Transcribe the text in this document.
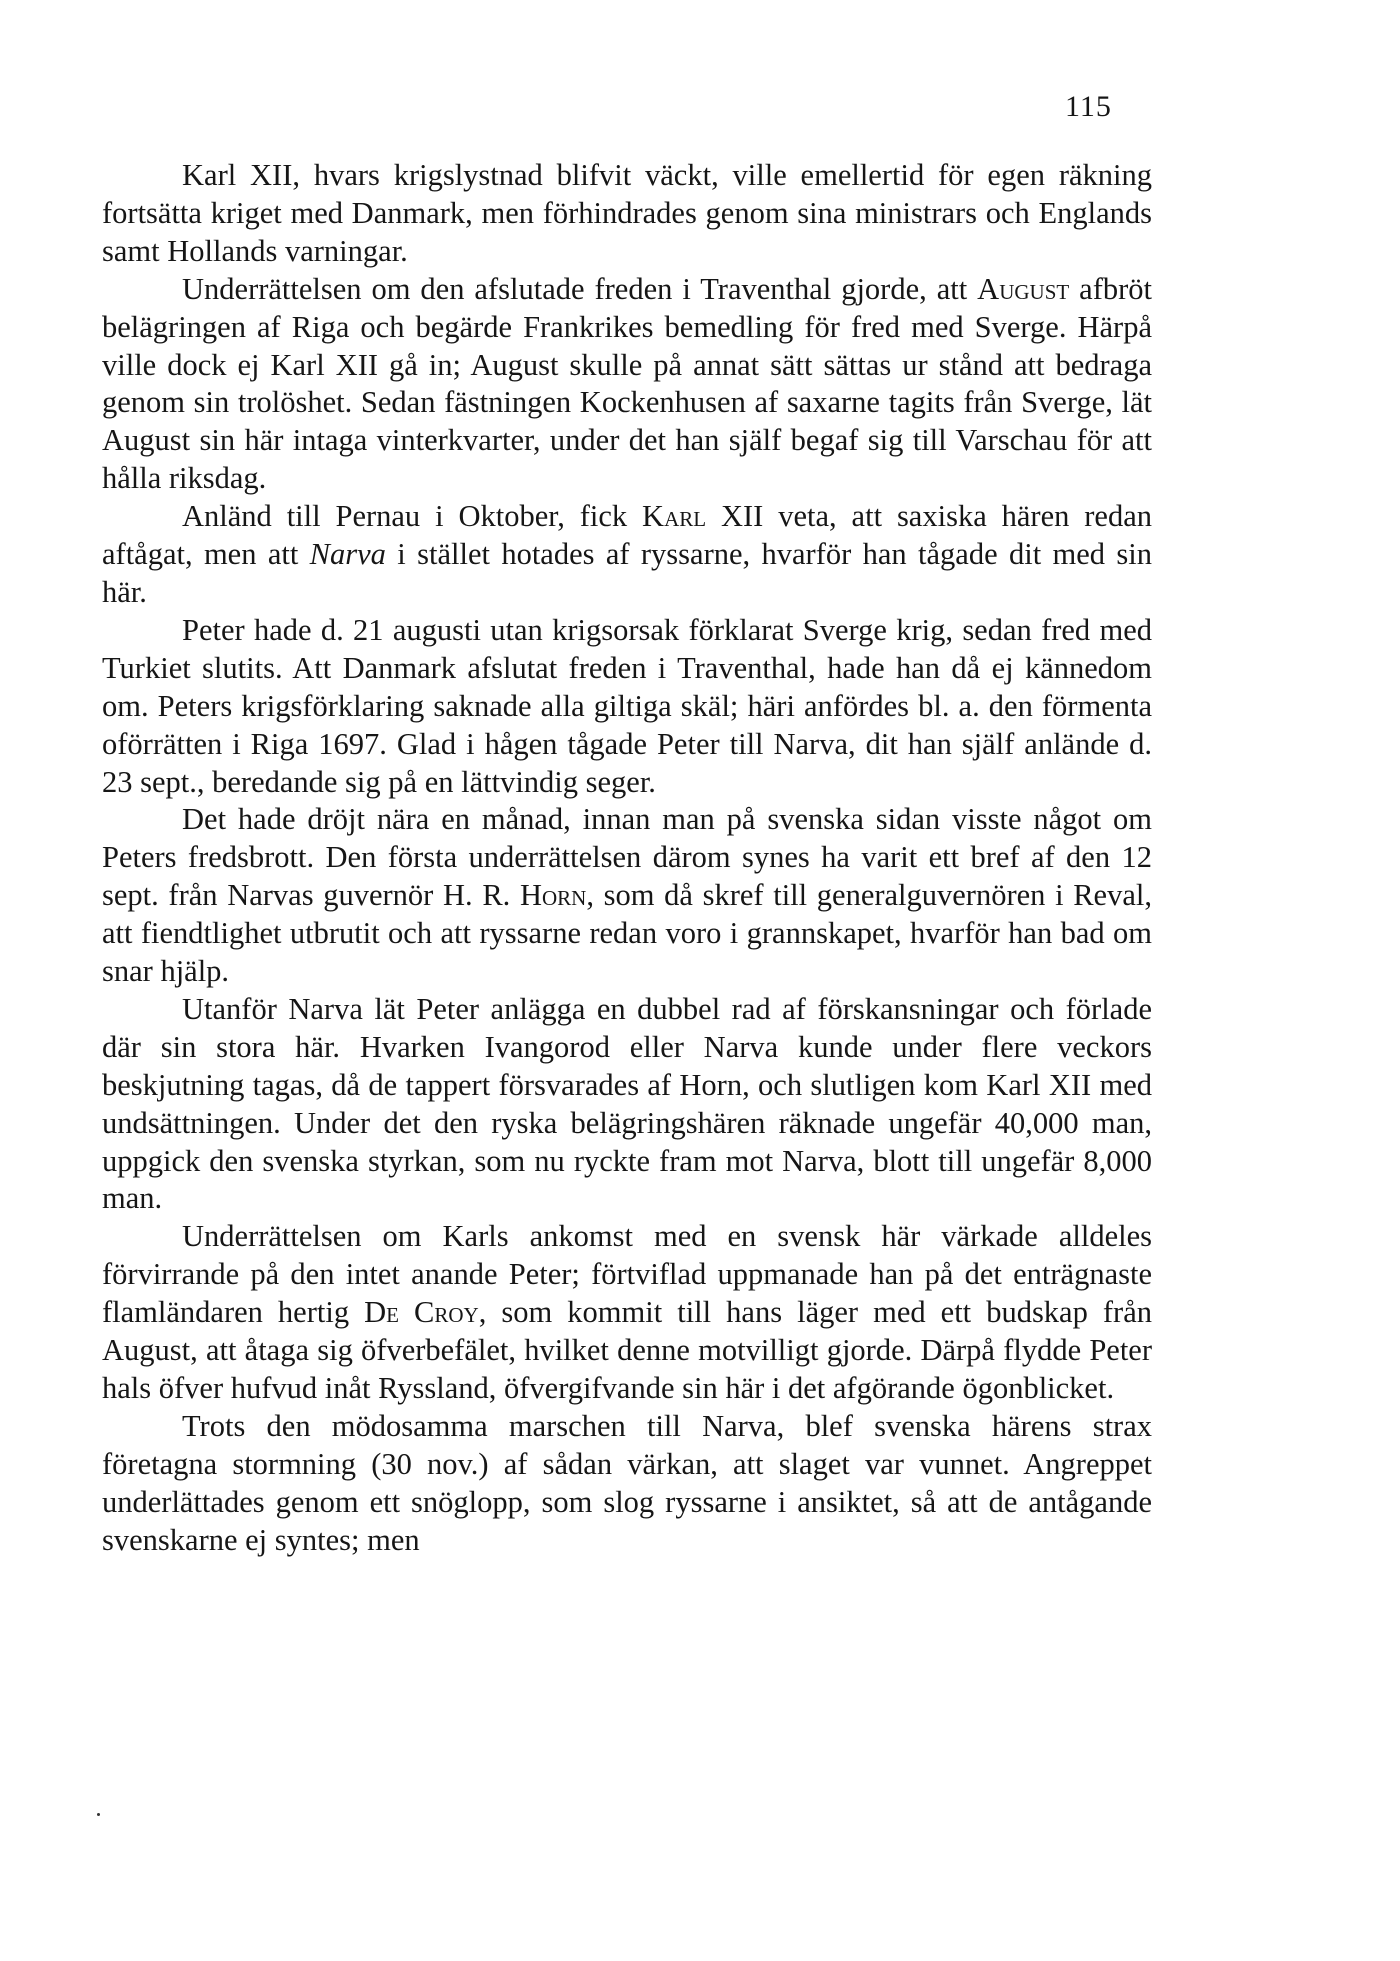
115

Karl XII, hvars krigslystnad blifvit väckt, ville emellertid för egen räkning fortsätta kriget med Danmark, men förhindrades genom sina ministrars och Englands samt Hollands varningar.

Underrättelsen om den afslutade freden i Traventhal gjorde, att August afbröt belägringen af Riga och begärde Frankrikes bemedling för fred med Sverge. Härpå ville dock ej Karl XII gå in; August skulle på annat sätt sättas ur stånd att bedraga genom sin trolöshet. Sedan fästningen Kockenhusen af saxarne tagits från Sverge, lät August sin här intaga vinterkvarter, under det han själf begaf sig till Varschau för att hålla riksdag.

Anländ till Pernau i Oktober, fick Karl XII veta, att saxiska hären redan aftågat, men att Narva i stället hotades af ryssarne, hvarför han tågade dit med sin här.

Peter hade d. 21 augusti utan krigsorsak förklarat Sverge krig, sedan fred med Turkiet slutits. Att Danmark afslutat freden i Traventhal, hade han då ej kännedom om. Peters krigsförklaring saknade alla giltiga skäl; häri anfördes bl. a. den förmenta oförrätten i Riga 1697. Glad i hågen tågade Peter till Narva, dit han själf anlände d. 23 sept., beredande sig på en lättvindig seger.

Det hade dröjt nära en månad, innan man på svenska sidan visste något om Peters fredsbrott. Den första underrättelsen därom synes ha varit ett bref af den 12 sept. från Narvas guvernör H. R. Horn, som då skref till generalguvernören i Reval, att fiendtlighet utbrutit och att ryssarne redan voro i grannskapet, hvarför han bad om snar hjälp.

Utanför Narva lät Peter anlägga en dubbel rad af förskansningar och förlade där sin stora här. Hvarken Ivangorod eller Narva kunde under flere veckors beskjutning tagas, då de tappert försvarades af Horn, och slutligen kom Karl XII med undsättningen. Under det den ryska belägringshären räknade ungefär 40,000 man, uppgick den svenska styrkan, som nu ryckte fram mot Narva, blott till ungefär 8,000 man.

Underrättelsen om Karls ankomst med en svensk här värkade alldeles förvirrande på den intet anande Peter; förtviflad uppmanade han på det enträgnaste flamländaren hertig De Croy, som kommit till hans läger med ett budskap från August, att åtaga sig öfverbefälet, hvilket denne motvilligt gjorde. Därpå flydde Peter hals öfver hufvud inåt Ryssland, öfvergifvande sin här i det afgörande ögonblicket.

Trots den mödosamma marschen till Narva, blef svenska härens strax företagna stormning (30 nov.) af sådan värkan, att slaget var vunnet. Angreppet underlättades genom ett snöglopp, som slog ryssarne i ansiktet, så att de antågande svenskarne ej syntes; men
